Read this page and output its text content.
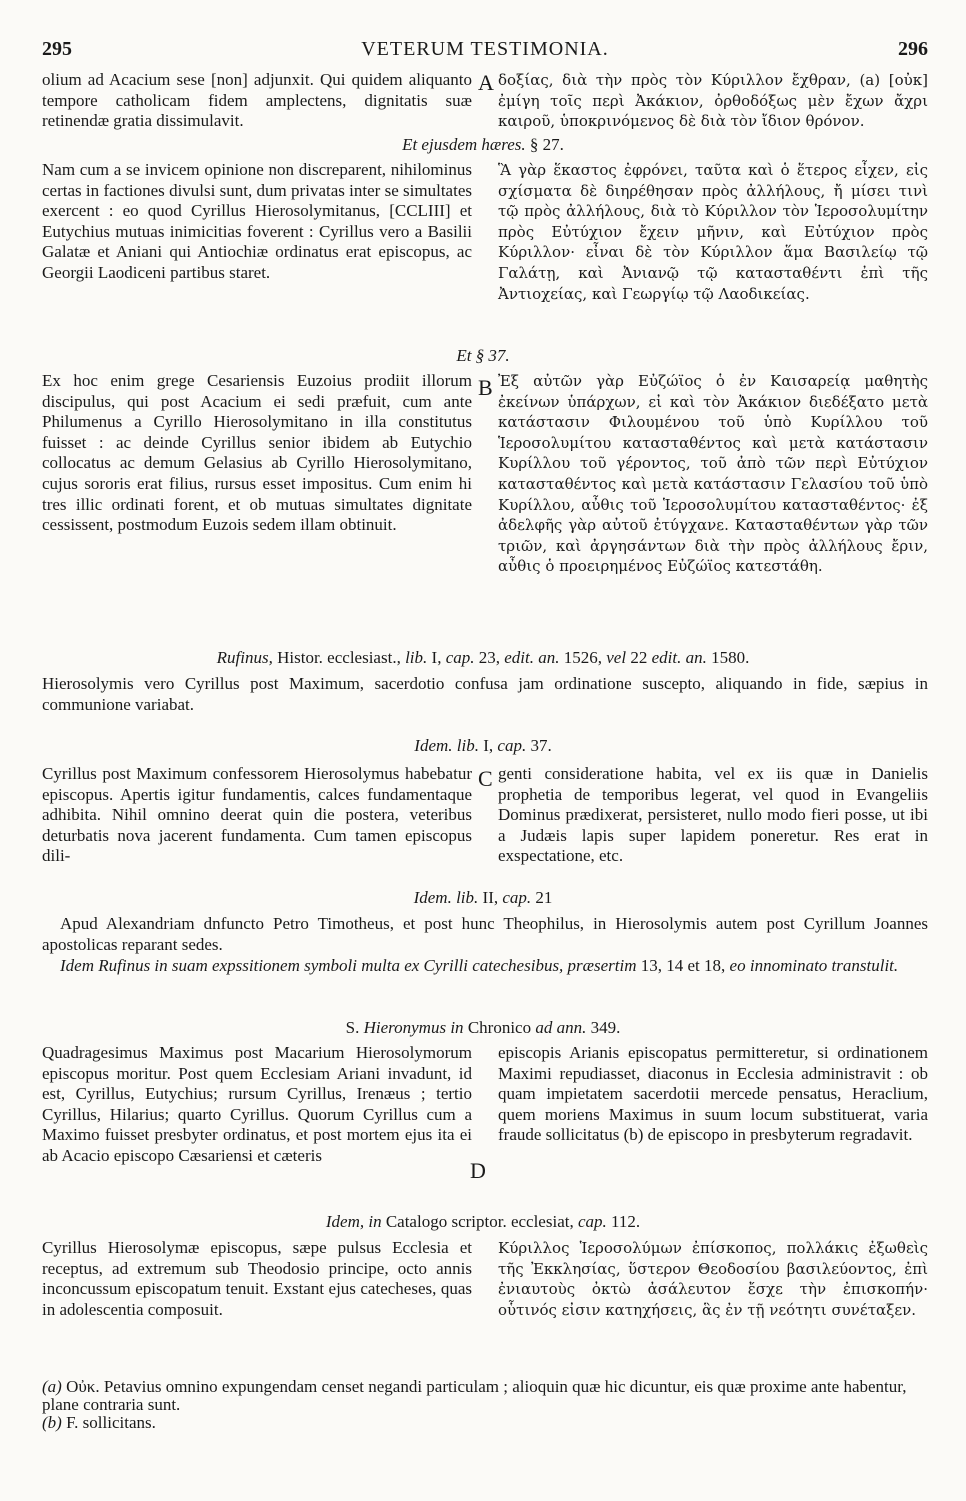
295	VETERUM TESTIMONIA.	296
olium ad Acacium sese [non] adjunxit. Qui quidem aliquanto tempore catholicam fidem amplectens, dignitatis suæ retinendæ gratia dissimulavit.
A δοξίας, διὰ τὴν πρὸς τὸν Κύριλλον ἔχθραν, (a) [οὐκ] ἐμίγη τοῖς περὶ Ἀκάκιον, ὀρθοδόξως μὲν ἔχων ἄχρι καιροῦ, ὑποκρινόμενος δὲ διὰ τὸν ἴδιον θρόνον.
Et ejusdem hæres. § 27.
Nam cum a se invicem opinione non discreparent, nihilominus certas in factiones divulsi sunt, dum privatas inter se simultates exercent : eo quod Cyrillus Hierosolymitanus, [CCLIII] et Eutychius mutuas inimicitias foverent : Cyrillus vero a Basilii Galatæ et Aniani qui Antiochiæ ordinatus erat episcopus, ac Georgii Laodiceni partibus staret.
Ἃ γὰρ ἕκαστος ἐφρόνει, ταῦτα καὶ ὁ ἕτερος εἶχεν, εἰς σχίσματα δὲ διηρέθησαν πρὸς ἀλλήλους, ἤ μίσει τινὶ τῷ πρὸς ἀλλήλους, διὰ τὸ Κύριλλον τὸν Ἱεροσολυμίτην πρὸς Εὐτύχιον ἔχειν μῆνιν, καὶ Εὐτύχιον πρὸς Κύριλλον· εἶναι δὲ τὸν Κύριλλον ἅμα Βασιλείῳ τῷ Γαλάτῃ, καὶ Ἀνιανῷ τῷ κατασταθέντι ἐπὶ τῆς Ἀντιοχείας, καὶ Γεωργίῳ τῷ Λαοδικείας.
Et § 37.
Ex hoc enim grege Cesariensis Euzoius prodiit illorum discipulus, qui post Acacium ei sedi præfuit, cum ante Philumenus a Cyrillo Hierosolymitano in illa constitutus fuisset : ac deinde Cyrillus senior ibidem ab Eutychio collocatus ac demum Gelasius ab Cyrillo Hierosolymitano, cujus sororis erat filius, rursus esset impositus. Cum enim hi tres illic ordinati forent, et ob mutuas simultates dignitate cessissent, postmodum Euzois sedem illam obtinuit.
B Ἐξ αὐτῶν γὰρ Εὐζώϊος ὁ ἐν Καισαρείᾳ μαθητὴς ἐκείνων ὑπάρχων, εἰ καὶ τὸν Ἀκάκιον διεδέξατο μετὰ κατάστασιν Φιλουμένου τοῦ ὑπὸ Κυρίλλου τοῦ Ἱεροσολυμίτου κατασταθέντος καὶ μετὰ κατάστασιν Κυρίλλου τοῦ γέροντος, τοῦ ἀπὸ τῶν περὶ Εὐτύχιον κατασταθέντος καὶ μετὰ κατάστασιν Γελασίου τοῦ ὑπὸ Κυρίλλου, αὖθις τοῦ Ἱεροσολυμίτου κατασταθέντος· ἐξ ἀδελφῆς γὰρ αὐτοῦ ἐτύγχανε. Κατασταθέντων γὰρ τῶν τριῶν, καὶ ἀργησάντων διὰ τὴν πρὸς ἀλλήλους ἔριν, αὖθις ὁ προειρημένος Εὐζώϊος κατεστάθη.
Rufinus, Histor. ecclesiast., lib. I, cap. 23, edit. an. 1526, vel 22 edit. an. 1580.
Hierosolymis vero Cyrillus post Maximum, sacerdotio confusa jam ordinatione suscepto, aliquando in fide, sæpius in communione variabat.
Idem. lib. I, cap. 37.
Cyrillus post Maximum confessorem Hierosolymus habebatur episcopus. Apertis igitur fundamentis, calces fundamentaque adhibita. Nihil omnino deerat quin die postera, veteribus deturbatis nova jacerent fundamenta. Cum tamen episcopus dili-
C genti consideratione habita, vel ex iis quæ in Danielis prophetia de temporibus legerat, vel quod in Evangeliis Dominus prædixerat, persisteret, nullo modo fieri posse, ut ibi a Judæis lapis super lapidem poneretur. Res erat in exspectatione, etc.
Idem. lib. II, cap. 21
Apud Alexandriam dnfuncto Petro Timotheus, et post hunc Theophilus, in Hierosolymis autem post Cyrillum Joannes apostolicas reparant sedes.
Idem Rufinus in suam expssitionem symboli multa ex Cyrilli catechesibus, præsertim 13, 14 et 18, eo innominato transtulit.
S. Hieronymus in Chronico ad ann. 349.
Quadragesimus Maximus post Macarium Hierosolymorum episcopus moritur. Post quem Ecclesiam Ariani invadunt, id est, Cyrillus, Eutychius; rursum Cyrillus, Irenæus ; tertio Cyrillus, Hilarius; quarto Cyrillus. Quorum Cyrillus cum a Maximo fuisset presbyter ordinatus, et post mortem ejus ita ei ab Acacio episcopo Cæsariensi et cæteris
D
episcopis Arianis episcopatus permitteretur, si ordinationem Maximi repudiasset, diaconus in Ecclesia administravit : ob quam impietatem sacerdotii mercede pensatus, Heraclium, quem moriens Maximus in suum locum substituerat, varia fraude sollicitatus (b) de episcopo in presbyterum regradavit.
Idem, in Catalogo scriptor. ecclesiat, cap. 112.
Cyrillus Hierosolymæ episcopus, sæpe pulsus Ecclesia et receptus, ad extremum sub Theodosio principe, octo annis inconcussum episcopatum tenuit. Exstant ejus catecheses, quas in adolescentia composuit.
Κύριλλος Ἱεροσολύμων ἐπίσκοπος, πολλάκις ἐξωθεὶς τῆς Ἐκκλησίας, ὕστερον Θεοδοσίου βασιλεύοντος, ἐπὶ ἐνιαυτοὺς ὀκτὼ ἀσάλευτον ἔσχε τὴν ἐπισκοπήν· οὗτινός εἰσιν κατηχήσεις, ἃς ἐν τῇ νεότητι συνέταξεν.
(a) Οὐκ. Petavius omnino expungendam censet negandi particulam ; alioquin quæ hic dicuntur, eis quæ proxime ante habentur, plane contraria sunt.
(b) F. sollicitans.
